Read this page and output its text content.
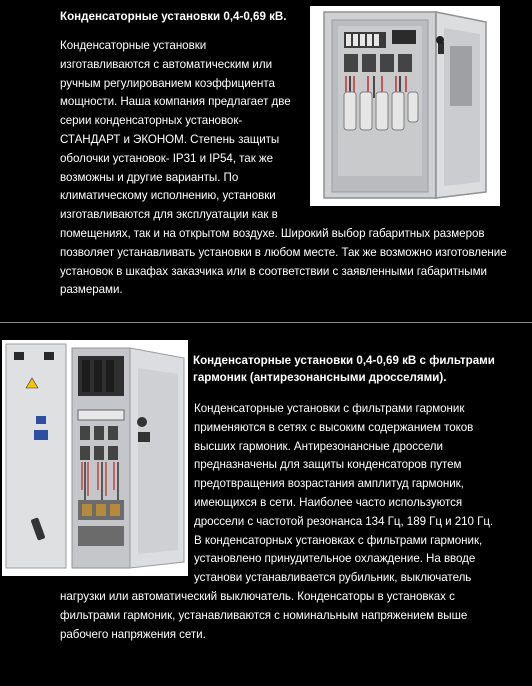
Конденсаторные установки 0,4-0,69 кВ.

Конденсаторные установки изготавливаются с автоматическим или ручным регулированием коэффициента мощности. Наша компания предлагает две серии конденсаторных установок- СТАНДАРТ и ЭКОНОМ. Степень защиты оболочки установок- IP31 и IP54, так же возможны и другие варианты. По климатическому исполнению, установки изготавливаются для эксплуатации как в помещениях, так и на открытом воздухе. Широкий выбор габаритных размеров позволяет устанавливать установки в любом месте. Так же возможно изготовление установок в шкафах заказчика или в соответствии с заявленными габаритными размерами.

Конденсаторные установки 0,4-0,69 кВ с фильтрами гармоник (антирезонансными дросселями).

Конденсаторные установки с фильтрами гармоник применяются в сетях с высоким содержанием токов высших гармоник. Антирезонансные дроссели предназначены для защиты конденсаторов путем предотвращения возрастания амплитуд гармоник, имеющихся в сети. Наиболее часто используются дроссели с частотой резонанса 134 Гц, 189 Гц и 210 Гц. В конденсаторных установках с фильтрами гармоник, установлено принудительное охлаждение. На вводе установи устанавливается рубильник, выключатель нагрузки или автоматический выключатель. Конденсаторы в установках с фильтрами гармоник, устанавливаются с номинальным напряжением выше рабочего напряжения сети.
